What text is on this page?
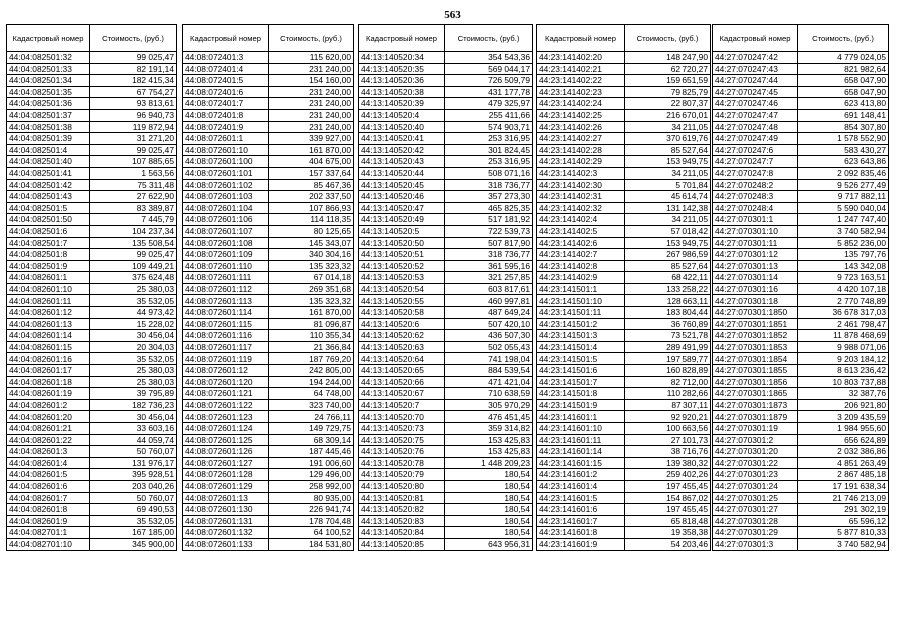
563
Кадастровый номер	Стоимость, (руб.)
44:04:082501:32	99 025,47
44:04:082501:33	82 191,14
44:04:082501:34	182 415,34
44:04:082501:35	67 754,27
44:04:082501:36	93 813,61
44:04:082501:37	96 940,73
44:04:082501:38	119 872,94
44:04:082501:39	31 271,20
44:04:082501:4	99 025,47
44:04:082501:40	107 885,65
44:04:082501:41	1 563,56
44:04:082501:42	75 311,48
44:04:082501:43	27 622,90
44:04:082501:5	83 389,87
44:04:082501:50	7 445,79
44:04:082501:6	104 237,34
44:04:082501:7	135 508,54
44:04:082501:8	99 025,47
44:04:082501:9	109 449,21
44:04:082601:1	375 624,48
44:04:082601:10	25 380,03
44:04:082601:11	35 532,05
44:04:082601:12	44 973,42
44:04:082601:13	15 228,02
44:04:082601:14	30 456,04
44:04:082601:15	20 304,03
44:04:082601:16	35 532,05
44:04:082601:17	25 380,03
44:04:082601:18	25 380,03
44:04:082601:19	39 795,89
44:04:082601:2	182 736,23
44:04:082601:20	30 456,04
44:04:082601:21	33 603,16
44:04:082601:22	44 059,74
44:04:082601:3	50 760,07
44:04:082601:4	131 976,17
44:04:082601:5	395 928,51
44:04:082601:6	203 040,26
44:04:082601:7	50 760,07
44:04:082601:8	69 490,53
44:04:082601:9	35 532,05
44:04:082701:1	167 185,00
44:04:082701:10	345 900,00
Кадастровый номер	Стоимость, (руб.)
44:08:072401:3	115 620,00
44:08:072401:4	231 240,00
44:08:072401:5	154 160,00
44:08:072401:6	231 240,00
44:08:072401:7	231 240,00
44:08:072401:8	231 240,00
44:08:072401:9	231 240,00
44:08:072601:1	339 927,00
44:08:072601:10	161 870,00
44:08:072601:100	404 675,00
44:08:072601:101	157 337,64
44:08:072601:102	85 467,36
44:08:072601:103	202 337,50
44:08:072601:104	107 866,93
44:08:072601:106	114 118,35
44:08:072601:107	80 125,65
44:08:072601:108	145 343,07
44:08:072601:109	340 304,16
44:08:072601:110	135 323,32
44:08:072601:111	67 014,18
44:08:072601:112	269 351,68
44:08:072601:113	135 323,32
44:08:072601:114	161 870,00
44:08:072601:115	81 096,87
44:08:072601:116	110 355,34
44:08:072601:117	21 366,84
44:08:072601:119	187 769,20
44:08:072601:12	242 805,00
44:08:072601:120	194 244,00
44:08:072601:121	64 748,00
44:08:072601:122	323 740,00
44:08:072601:123	24 766,11
44:08:072601:124	149 729,75
44:08:072601:125	68 309,14
44:08:072601:126	187 445,46
44:08:072601:127	191 006,60
44:08:072601:128	129 496,00
44:08:072601:129	258 992,00
44:08:072601:13	80 935,00
44:08:072601:130	226 941,74
44:08:072601:131	178 704,48
44:08:072601:132	64 100,52
44:08:072601:133	184 531,80
Кадастровый номер	Стоимость, (руб.)
44:13:140520:34	354 543,36
44:13:140520:35	569 044,17
44:13:140520:36	726 509,79
44:13:140520:38	431 177,78
44:13:140520:39	479 325,97
44:13:140520:4	255 411,66
44:13:140520:40	574 903,71
44:13:140520:41	253 316,95
44:13:140520:42	301 824,45
44:13:140520:43	253 316,95
44:13:140520:44	508 071,16
44:13:140520:45	318 736,77
44:13:140520:46	357 273,30
44:13:140520:47	465 825,35
44:13:140520:49	517 181,92
44:13:140520:5	722 539,73
44:13:140520:50	507 817,90
44:13:140520:51	318 736,77
44:13:140520:52	361 595,16
44:13:140520:53	321 257,85
44:13:140520:54	603 817,61
44:13:140520:55	460 997,81
44:13:140520:58	487 649,24
44:13:140520:6	507 420,10
44:13:140520:62	436 507,30
44:13:140520:63	502 055,43
44:13:140520:64	741 198,04
44:13:140520:65	884 539,54
44:13:140520:66	471 421,04
44:13:140520:67	710 638,59
44:13:140520:7	305 970,29
44:13:140520:70	476 451,45
44:13:140520:73	359 314,82
44:13:140520:75	153 425,83
44:13:140520:76	153 425,83
44:13:140520:78	1 448 209,23
44:13:140520:79	180,54
44:13:140520:80	180,54
44:13:140520:81	180,54
44:13:140520:82	180,54
44:13:140520:83	180,54
44:13:140520:84	180,54
44:13:140520:85	643 956,31
Кадастровый номер	Стоимость, (руб.)
44:23:141402:20	148 247,90
44:23:141402:21	62 720,27
44:23:141402:22	159 651,59
44:23:141402:23	79 825,79
44:23:141402:24	22 807,37
44:23:141402:25	216 670,01
44:23:141402:26	34 211,05
44:23:141402:27	370 619,76
44:23:141402:28	85 527,64
44:23:141402:29	153 949,75
44:23:141402:3	34 211,05
44:23:141402:30	5 701,84
44:23:141402:31	45 614,74
44:23:141402:32	131 142,38
44:23:141402:4	34 211,05
44:23:141402:5	57 018,42
44:23:141402:6	153 949,75
44:23:141402:7	267 986,59
44:23:141402:8	85 527,64
44:23:141402:9	68 422,11
44:23:141501:1	133 258,22
44:23:141501:10	128 663,11
44:23:141501:11	183 804,44
44:23:141501:2	36 760,89
44:23:141501:3	73 521,78
44:23:141501:4	289 491,99
44:23:141501:5	197 589,77
44:23:141501:6	160 828,89
44:23:141501:7	82 712,00
44:23:141501:8	110 282,66
44:23:141501:9	87 307,11
44:23:141601:1	92 920,21
44:23:141601:10	100 663,56
44:23:141601:11	27 101,73
44:23:141601:14	38 716,76
44:23:141601:15	139 380,32
44:23:141601:2	259 402,26
44:23:141601:4	197 455,45
44:23:141601:5	154 867,02
44:23:141601:6	197 455,45
44:23:141601:7	65 818,48
44:23:141601:8	19 358,38
44:23:141601:9	54 203,46
Кадастровый номер	Стоимость, (руб.)
44:27:070247:42	4 779 024,05
44:27:070247:43	821 982,64
44:27:070247:44	658 047,90
44:27:070247:45	658 047,90
44:27:070247:46	623 413,80
44:27:070247:47	691 148,41
44:27:070247:48	854 307,80
44:27:070247:49	1 578 552,90
44:27:070247:6	583 430,27
44:27:070247:7	623 643,86
44:27:070247:8	2 092 835,46
44:27:070248:2	9 526 277,49
44:27:070248:3	9 717 882,11
44:27:070248:4	5 590 040,04
44:27:070301:1	1 247 747,40
44:27:070301:10	3 740 582,94
44:27:070301:11	5 852 236,00
44:27:070301:12	135 797,76
44:27:070301:13	143 342,08
44:27:070301:14	9 723 163,51
44:27:070301:16	4 420 107,18
44:27:070301:18	2 770 748,89
44:27:070301:1850	36 678 317,03
44:27:070301:1851	2 461 798,47
44:27:070301:1852	11 878 468,69
44:27:070301:1853	9 988 071,06
44:27:070301:1854	9 203 184,12
44:27:070301:1855	8 613 236,42
44:27:070301:1856	10 803 737,88
44:27:070301:1865	32 387,76
44:27:070301:1873	206 921,80
44:27:070301:1879	3 209 435,59
44:27:070301:19	1 984 955,60
44:27:070301:2	656 624,89
44:27:070301:20	2 032 386,86
44:27:070301:22	4 851 263,49
44:27:070301:23	2 867 485,18
44:27:070301:24	17 191 638,34
44:27:070301:25	21 746 213,09
44:27:070301:27	291 302,19
44:27:070301:28	65 596,12
44:27:070301:29	5 877 810,33
44:27:070301:3	3 740 582,94
